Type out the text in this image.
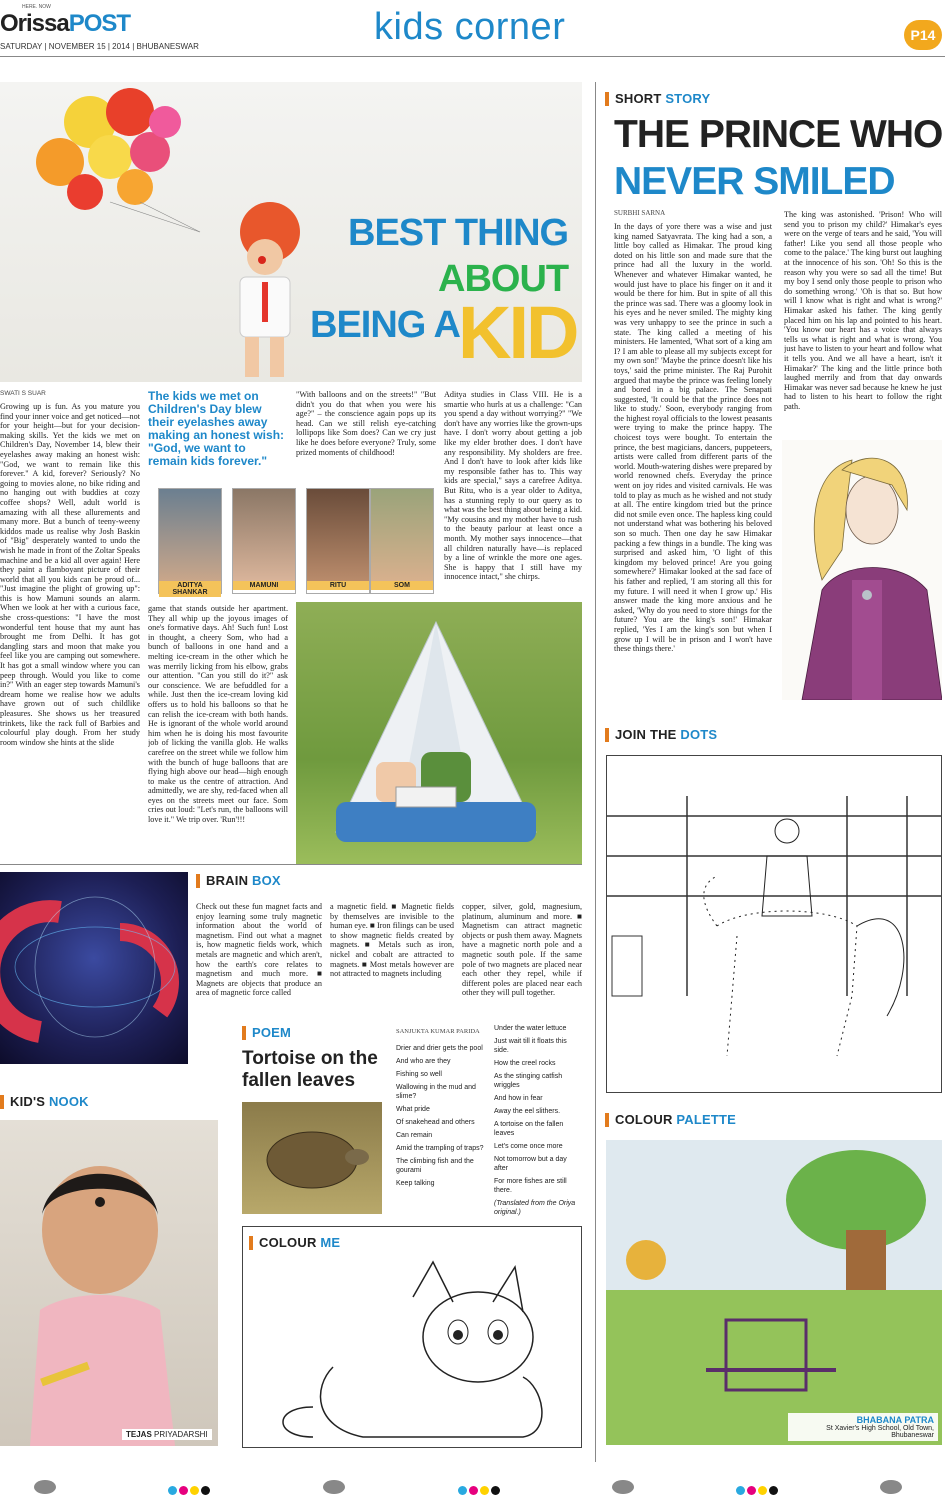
HERE. NOW
OrissaPOST
SATURDAY | NOVEMBER 15 | 2014 | BHUBANESWAR	kids corner	P14
BEST THING
ABOUT
BEING A
KID
SWATI S SUAR

Growing up is fun. As you mature you find your inner voice and get noticed—not for your height—but for your decision-making skills. Yet the kids we met on Children's Day, November 14, blew their eyelashes away making an honest wish: "God, we want to remain like this forever." A kid, forever? Seriously? No going to movies alone, no bike riding and no hanging out with buddies at cozy coffee shops? Well, adult world is amazing with all these allurements and many more. But a bunch of teeny-weeny kiddos made us realise why Josh Baskin of "Big" desperately wanted to undo the wish he made in front of the Zoltar Speaks machine and be a kid all over again! Here they paint a flamboyant picture of their world that all you kids can be proud of... "Just imagine the plight of growing up": this is how Mamuni sounds an alarm. When we look at her with a curious face, she cross-questions: "I have the most wonderful tent house that my aunt has brought me from Delhi. It has got dangling stars and moon that make you feel like you are camping out somewhere. It has got a small window where you can peep through. Would you like to come in?" With an eager step towards Mamuni's dream home we realise how we adults have grown out of such childlike pleasures. She shows us her treasured trinkets, like the rack full of Barbies and colourful play dough. From her study room window she hints at the slide

The kids we met on Children's Day blew their eyelashes away making an honest wish: "God, we want to remain kids forever."

"With balloons and on the streets!" "But didn't you do that when you were his age?" – the conscience again pops up its head. Can we still relish eye-catching lollipops like Som does? Can we cry just like he does before everyone? Truly, some prized moments of childhood!

Aditya studies in Class VIII. He is a smartie who hurls at us a challenge: "Can you spend a day without worrying?" "We don't have any worries like the grown-ups have. I don't worry about getting a job like my elder brother does. I don't have any responsibility. My sholders are free. And I don't have to look after kids like my responsible father has to. This way kids are special," says a carefree Aditya. But Ritu, who is a year older to Aditya, has a stunning reply to our query as to what was the best thing about being a kid. "My cousins and my mother have to rush to the beauty parlour at least once a month. My mother says innocence—that all children naturally have—is replaced by a line of wrinkle the more one ages. She is happy that I still have my innocence intact," she chirps.

ADITYA SHANKAR
MAMUNI	RITU	SOM

game that stands outside her apartment. They all whip up the joyous images of one's formative days. Ah! Such fun! Lost in thought, a cheery Som, who had a bunch of balloons in one hand and a melting ice-cream in the other which he was merrily licking from his elbow, grabs our attention. "Can you still do it?" ask our conscience. We are befuddled for a while. Just then the ice-cream loving kid offers us to hold his balloons so that he can relish the ice-cream with both hands. He is ignorant of the whole world around him when he is doing his most favourite job of licking the vanilla glob. He walks carefree on the street while we follow him with the bunch of huge balloons that are flying high above our head—high enough to make us the centre of attraction. And admittedly, we are shy, red-faced when all eyes on the streets meet our face. Som cries out loud: "Let's run, the balloons will love it." We trip over. 'Run'!!!

SHORT STORY
THE PRINCE WHO
NEVER SMILED
SURBHI SARNA

In the days of yore there was a wise and just king named Satyavrata. The king had a son, a little boy called as Himakar. The proud king doted on his little son and made sure that the prince had all the luxury in the world. Whenever and whatever Himakar wanted, he would just have to place his finger on it and it would be there for him. But in spite of all this the prince was sad. There was a gloomy look in his eyes and he never smiled. The mighty king was very unhappy to see the prince in such a state. The king called a meeting of his ministers. He lamented, 'What sort of a king am I? I am able to please all my subjects except for my own son!' 'Maybe the prince doesn't like his toys,' said the prime minister. The Raj Purohit argued that maybe the prince was feeling lonely and bored in a big palace. The Senapati suggested, 'It could be that the prince does not like to study.' Soon, everybody ranging from the highest royal officials to the lowest peasants were trying to make the prince happy. The choicest toys were bought. To entertain the prince, the best magicians, dancers, puppeteers, artists were called from different parts of the world. Mouth-watering dishes were prepared by world renowned chefs. Everyday the prince went on joy rides and visited carnivals. He was told to play as much as he wished and not study at all. The entire kingdom tried but the prince did not smile even once. The hapless king could not understand what was bothering his beloved son so much. Then one day he saw Himakar packing a few things in a bundle. The king was surprised and asked him, 'O light of this kingdom my beloved prince! Are you going somewhere?' Himakar looked at the sad face of his father and replied, 'I am storing all this for my future. I will need it when I grow up.' His answer made the king more anxious and he asked, 'Why do you need to store things for the future? You are the king's son!' Himakar replied, 'Yes I am the king's son but when I grow up I will be in prison and I won't have these things there.'

The king was astonished. 'Prison! Who will send you to prison my child?' Himakar's eyes were on the verge of tears and he said, 'You will father! Like you send all those people who come to the palace.' The king burst out laughing at the innocence of his son. 'Oh! So this is the reason why you were so sad all the time! But my boy I send only those people to prison who do something wrong.' 'Oh is that so. But how will I know what is right and what is wrong?' Himakar asked his father. The king gently placed him on his lap and pointed to his heart. 'You know our heart has a voice that always tells us what is right and what is wrong. You just have to listen to your heart and follow what it tells you. And we all have a heart, isn't it Himakar?' The king and the little prince both laughed merrily and from that day onwards Himakar was never sad because he knew he just had to listen to his heart to follow the right path.

JOIN THE DOTS
COLOUR PALETTE
BHABANA PATRA
St Xavier's High School, Old Town,
Bhubaneswar
BRAIN BOX

Check out these fun magnet facts and enjoy learning some truly magnetic information about the world of magnetism. Find out what a magnet is, how magnetic fields work, which metals are magnetic and which aren't, how the earth's core relates to magnetism and much more. ■ Magnets are objects that produce an area of magnetic force called

a magnetic field. ■ Magnetic fields by themselves are invisible to the human eye. ■ Iron filings can be used to show magnetic fields created by magnets. ■ Metals such as iron, nickel and cobalt are attracted to magnets. ■ Most metals however are not attracted to magnets including

copper, silver, gold, magnesium, platinum, aluminum and more. ■ Magnetism can attract magnetic objects or push them away. Magnets have a magnetic north pole and a magnetic south pole. If the same pole of two magnets are placed near each other they repel, while if different poles are placed near each other they will pull together.

POEM
Tortoise on the fallen leaves
SANJUKTA KUMAR PARIDA
Drier and drier gets the pool
And who are they
Fishing so well
Wallowing in the mud and slime?
What pride
Of snakehead and others
Can remain
Amid the trampling of traps?
The climbing fish and the gourami
Keep talking
Under the water lettuce
Just wait till it floats this side.
How the creel rocks
As the stinging catfish wriggles
And how in fear
Away the eel slithers.
A tortoise on the fallen leaves
Let's come once more
Not tomorrow but a day after
For more fishes are still there.
(Translated from the Oriya original.)
KID'S NOOK
TEJAS PRIYADARSHI
COLOUR ME
